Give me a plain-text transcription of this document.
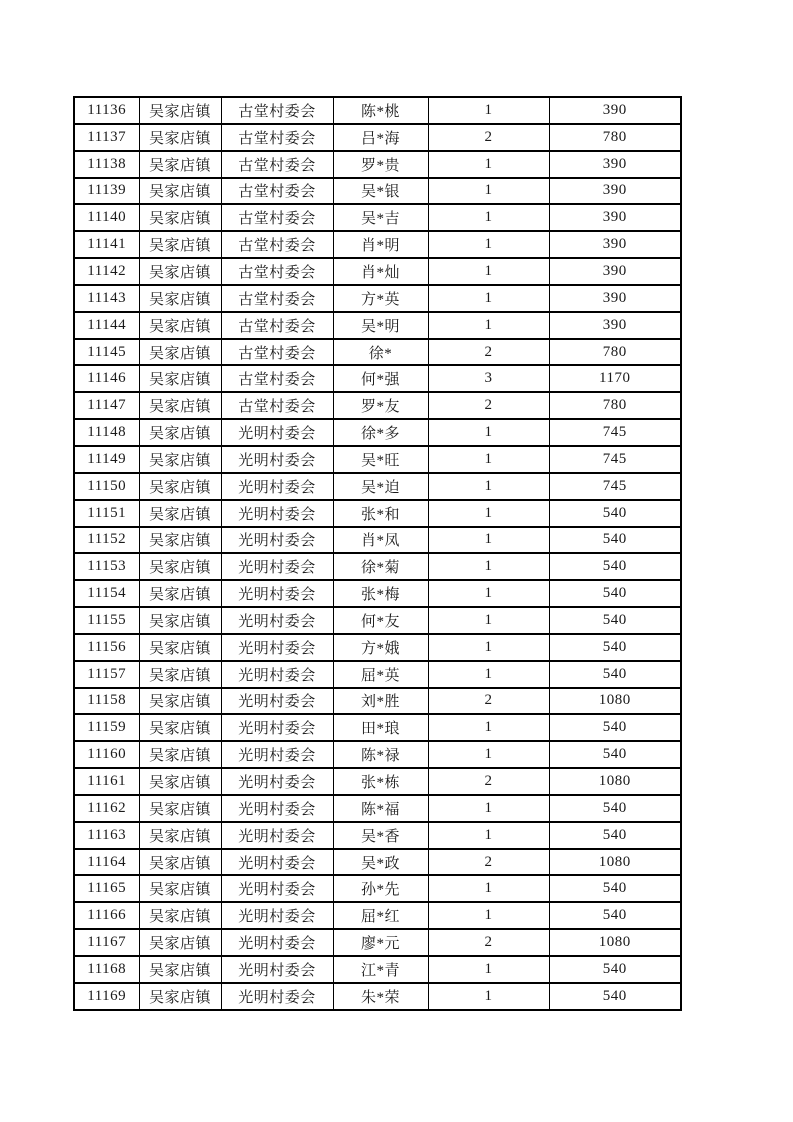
11136	吴家店镇	古堂村委会	陈*桃	1	390
11137	吴家店镇	古堂村委会	吕*海	2	780
11138	吴家店镇	古堂村委会	罗*贵	1	390
11139	吴家店镇	古堂村委会	吴*银	1	390
11140	吴家店镇	古堂村委会	吴*吉	1	390
11141	吴家店镇	古堂村委会	肖*明	1	390
11142	吴家店镇	古堂村委会	肖*灿	1	390
11143	吴家店镇	古堂村委会	方*英	1	390
11144	吴家店镇	古堂村委会	吴*明	1	390
11145	吴家店镇	古堂村委会	徐*	2	780
11146	吴家店镇	古堂村委会	何*强	3	1170
11147	吴家店镇	古堂村委会	罗*友	2	780
11148	吴家店镇	光明村委会	徐*多	1	745
11149	吴家店镇	光明村委会	吴*旺	1	745
11150	吴家店镇	光明村委会	吴*迫	1	745
11151	吴家店镇	光明村委会	张*和	1	540
11152	吴家店镇	光明村委会	肖*凤	1	540
11153	吴家店镇	光明村委会	徐*菊	1	540
11154	吴家店镇	光明村委会	张*梅	1	540
11155	吴家店镇	光明村委会	何*友	1	540
11156	吴家店镇	光明村委会	方*娥	1	540
11157	吴家店镇	光明村委会	屈*英	1	540
11158	吴家店镇	光明村委会	刘*胜	2	1080
11159	吴家店镇	光明村委会	田*琅	1	540
11160	吴家店镇	光明村委会	陈*禄	1	540
11161	吴家店镇	光明村委会	张*栋	2	1080
11162	吴家店镇	光明村委会	陈*福	1	540
11163	吴家店镇	光明村委会	吴*香	1	540
11164	吴家店镇	光明村委会	吴*政	2	1080
11165	吴家店镇	光明村委会	孙*先	1	540
11166	吴家店镇	光明村委会	屈*红	1	540
11167	吴家店镇	光明村委会	廖*元	2	1080
11168	吴家店镇	光明村委会	江*青	1	540
11169	吴家店镇	光明村委会	朱*荣	1	540
